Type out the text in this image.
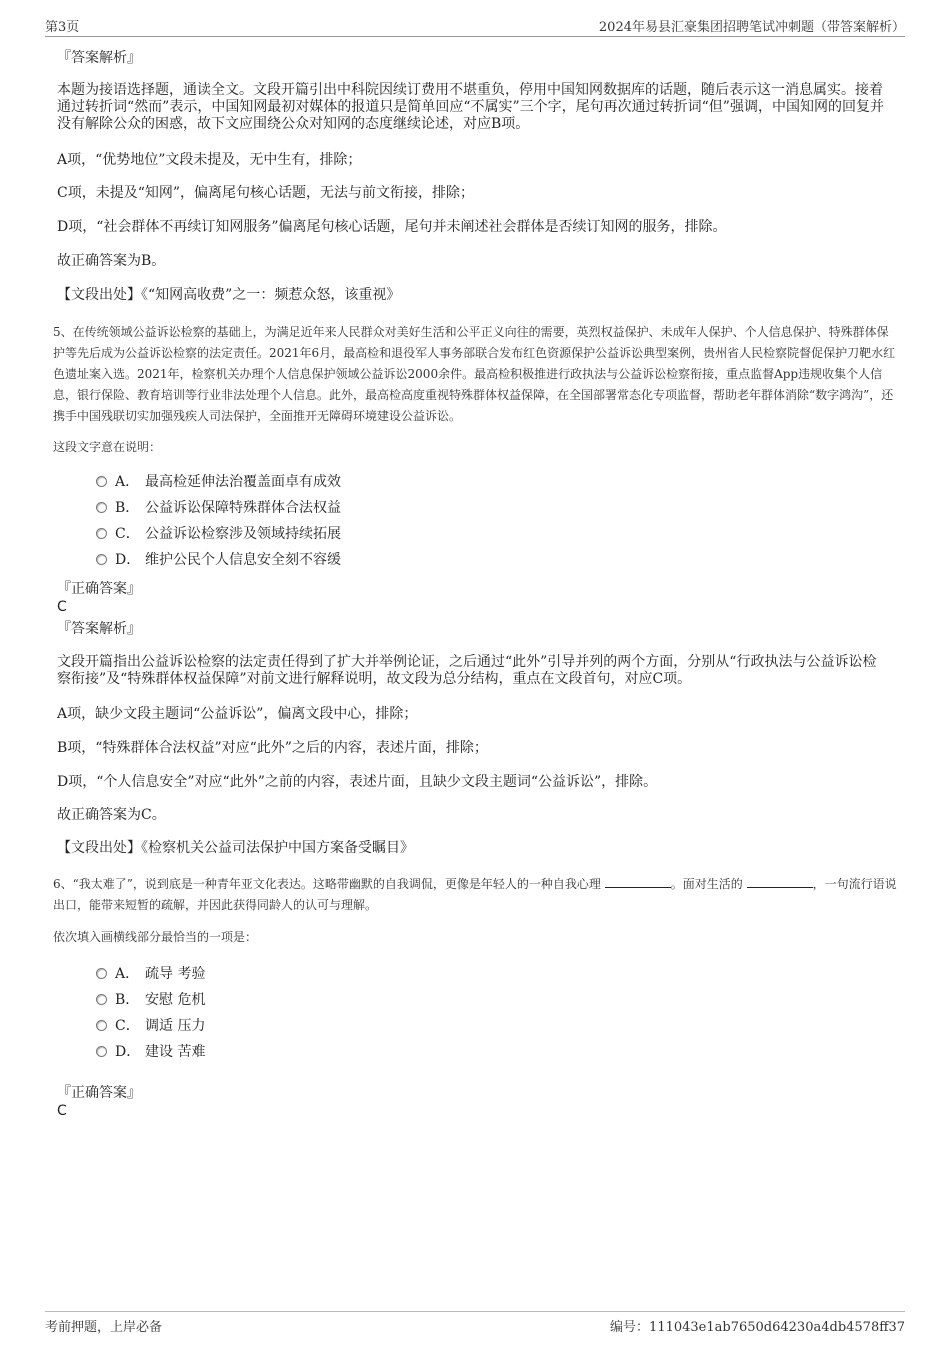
第3页	2024年易县汇豪集团招聘笔试冲刺题（带答案解析）
『答案解析』
本题为接语选择题，通读全文。文段开篇引出中科院因续订费用不堪重负，停用中国知网数据库的话题，随后表示这一消息属实。接着通过转折词“然而”表示，中国知网最初对媒体的报道只是简单回应“不属实”三个字，尾句再次通过转折词“但”强调，中国知网的回复并没有解除公众的困惑，故下文应围绕公众对知网的态度继续论述，对应B项。
A项，“优势地位”文段未提及，无中生有，排除；
C项，未提及“知网”，偏离尾句核心话题，无法与前文衔接，排除；
D项，“社会群体不再续订知网服务”偏离尾句核心话题，尾句并未阐述社会群体是否续订知网的服务，排除。
故正确答案为B。
【文段出处】《“知网高收费”之一：频惹众怒，该重视》
5、在传统领域公益诉讼检察的基础上，为满足近年来人民群众对美好生活和公平正义向往的需要，英烈权益保护、未成年人保护、个人信息保护、特殊群体保护等先后成为公益诉讼检察的法定责任。2021年6月，最高检和退役军人事务部联合发布红色资源保护公益诉讼典型案例，贵州省人民检察院督促保护刀靶水红色遗址案入选。2021年，检察机关办理个人信息保护领域公益诉讼2000余件。最高检积极推进行政执法与公益诉讼检察衔接，重点监督App违规收集个人信息，银行保险、教育培训等行业非法处理个人信息。此外，最高检高度重视特殊群体权益保障，在全国部署常态化专项监督，帮助老年群体消除“数字鸿沟”，还携手中国残联切实加强残疾人司法保护，全面推开无障碍环境建设公益诉讼。
这段文字意在说明：
A． 最高检延伸法治覆盖面卓有成效
B． 公益诉讼保障特殊群体合法权益
C． 公益诉讼检察涉及领域持续拓展
D． 维护公民个人信息安全刻不容缓
『正确答案』
C
『答案解析』
文段开篇指出公益诉讼检察的法定责任得到了扩大并举例论证，之后通过“此外”引导并列的两个方面，分别从“行政执法与公益诉讼检察衔接”及“特殊群体权益保障”对前文进行解释说明，故文段为总分结构，重点在文段首句，对应C项。
A项，缺少文段主题词“公益诉讼”，偏离文段中心，排除；
B项，“特殊群体合法权益”对应“此外”之后的内容，表述片面，排除；
D项，“个人信息安全”对应“此外”之前的内容，表述片面，且缺少文段主题词“公益诉讼”，排除。
故正确答案为C。
【文段出处】《检察机关公益司法保护中国方案备受瞩目》
6、“我太难了”，说到底是一种青年亚文化表达。这略带幽默的自我调侃，更像是年轻人的一种自我心理	。面对生活的	，一句流行语说出口，能带来短暂的疏解，并因此获得同龄人的认可与理解。
依次填入画横线部分最恰当的一项是：
A． 疏导 考验
B． 安慰 危机
C． 调适 压力
D． 建设 苦难
『正确答案』
C
考前押题，上岸必备	编号：111043e1ab7650d64230a4db4578ff37
